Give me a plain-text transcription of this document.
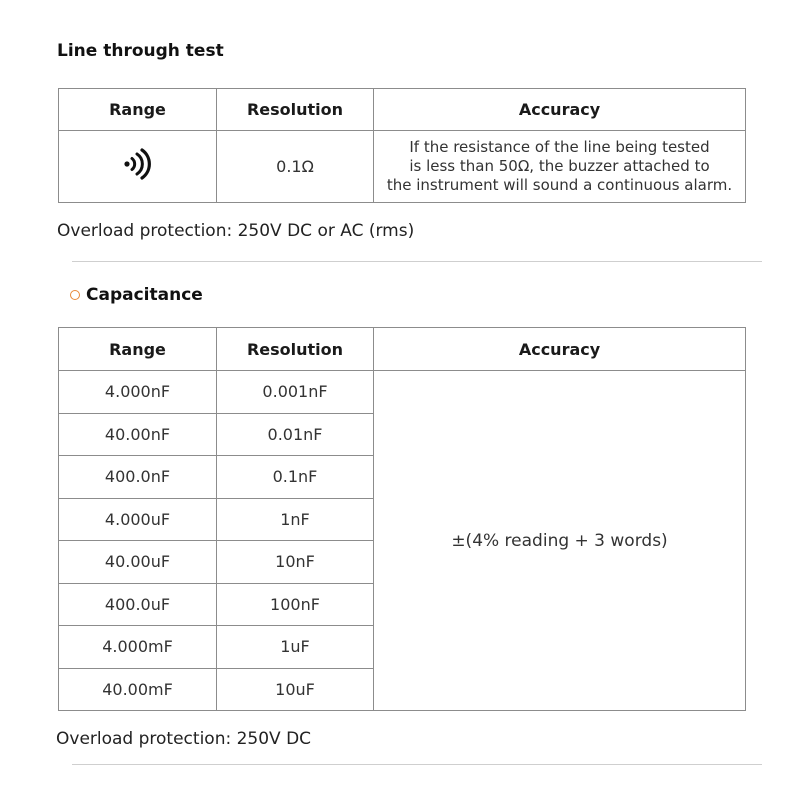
Line through test
Range	Resolution	Accuracy
	0.1Ω	If the resistance of the line being tested
is less than 50Ω, the buzzer attached to
the instrument will sound a continuous alarm.
Overload protection: 250V DC or AC (rms)
Capacitance
Range	Resolution	Accuracy
4.000nF	0.001nF	±(4% reading + 3 words)
40.00nF	0.01nF	
400.0nF	0.1nF	
4.000uF	1nF	
40.00uF	10nF	
400.0uF	100nF	
4.000mF	1uF	
40.00mF	10uF	
Overload protection: 250V DC
